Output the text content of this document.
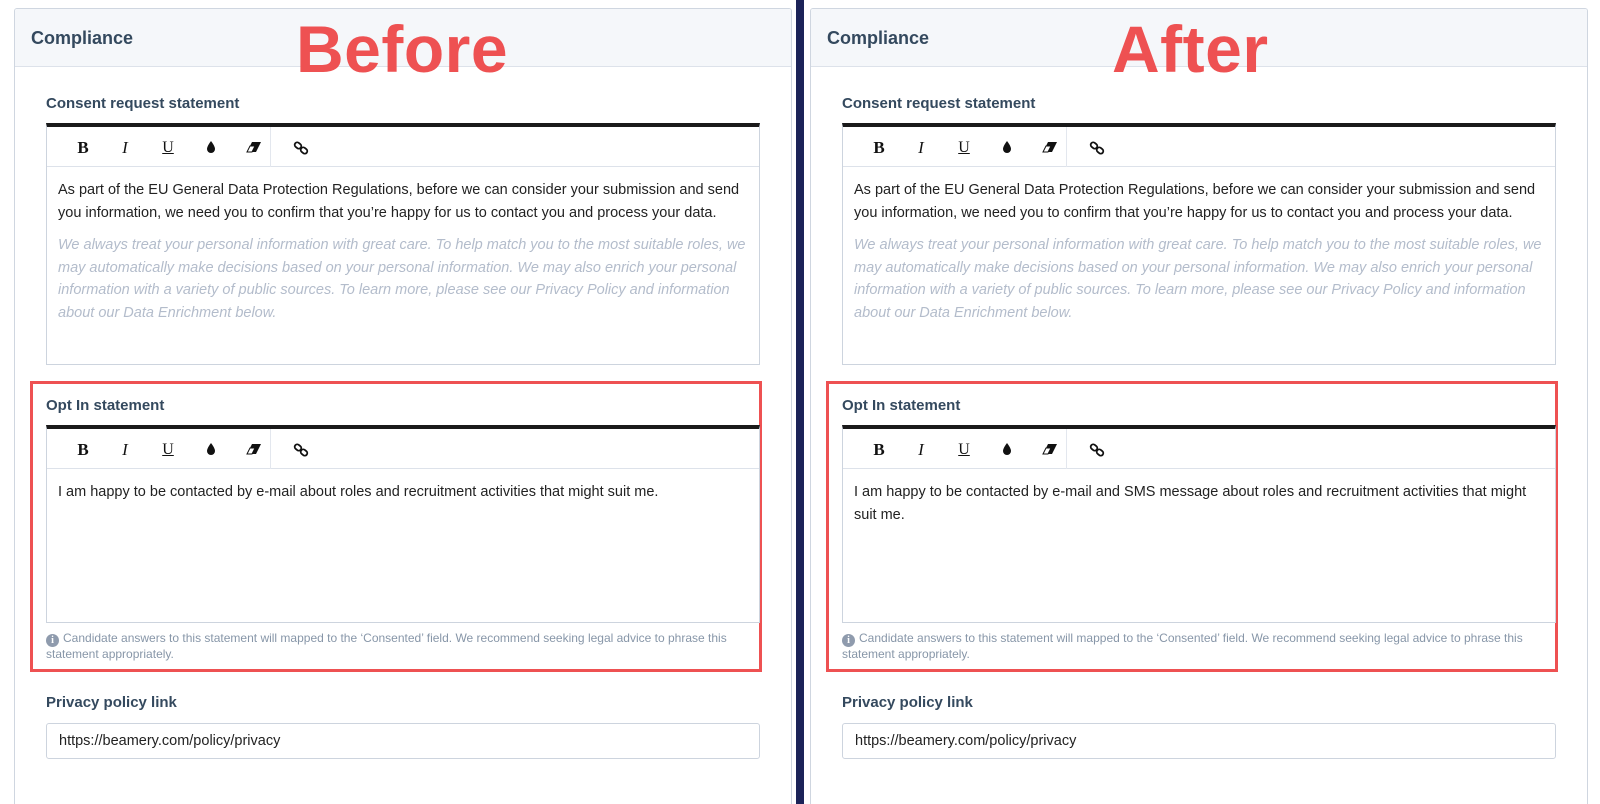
Compliance Before
Consent request statement
B	I	U

As part of the EU General Data Protection Regulations, before we can consider your submission and send you information, we need you to confirm that you’re happy for us to contact you and process your data.

We always treat your personal information with great care. To help match you to the most suitable roles, we may automatically make decisions based on your personal information. We may also enrich your personal information with a variety of public sources. To learn more, please see our Privacy Policy and information about our Data Enrichment below.

Opt In statement
B	I	U

I am happy to be contacted by e-mail about roles and recruitment activities that might suit me.

i Candidate answers to this statement will mapped to the ‘Consented’ field. We recommend seeking legal advice to phrase this statement appropriately.
Privacy policy link
https://beamery.com/policy/privacy
Compliance	After
Consent request statement
B	I	U

As part of the EU General Data Protection Regulations, before we can consider your submission and send you information, we need you to confirm that you’re happy for us to contact you and process your data.

We always treat your personal information with great care. To help match you to the most suitable roles, we may automatically make decisions based on your personal information. We may also enrich your personal information with a variety of public sources. To learn more, please see our Privacy Policy and information about our Data Enrichment below.

Opt In statement
B	I	U

I am happy to be contacted by e-mail and SMS message about roles and recruitment activities that might suit me.

i Candidate answers to this statement will mapped to the ‘Consented’ field. We recommend seeking legal advice to phrase this statement appropriately.
Privacy policy link
https://beamery.com/policy/privacy
